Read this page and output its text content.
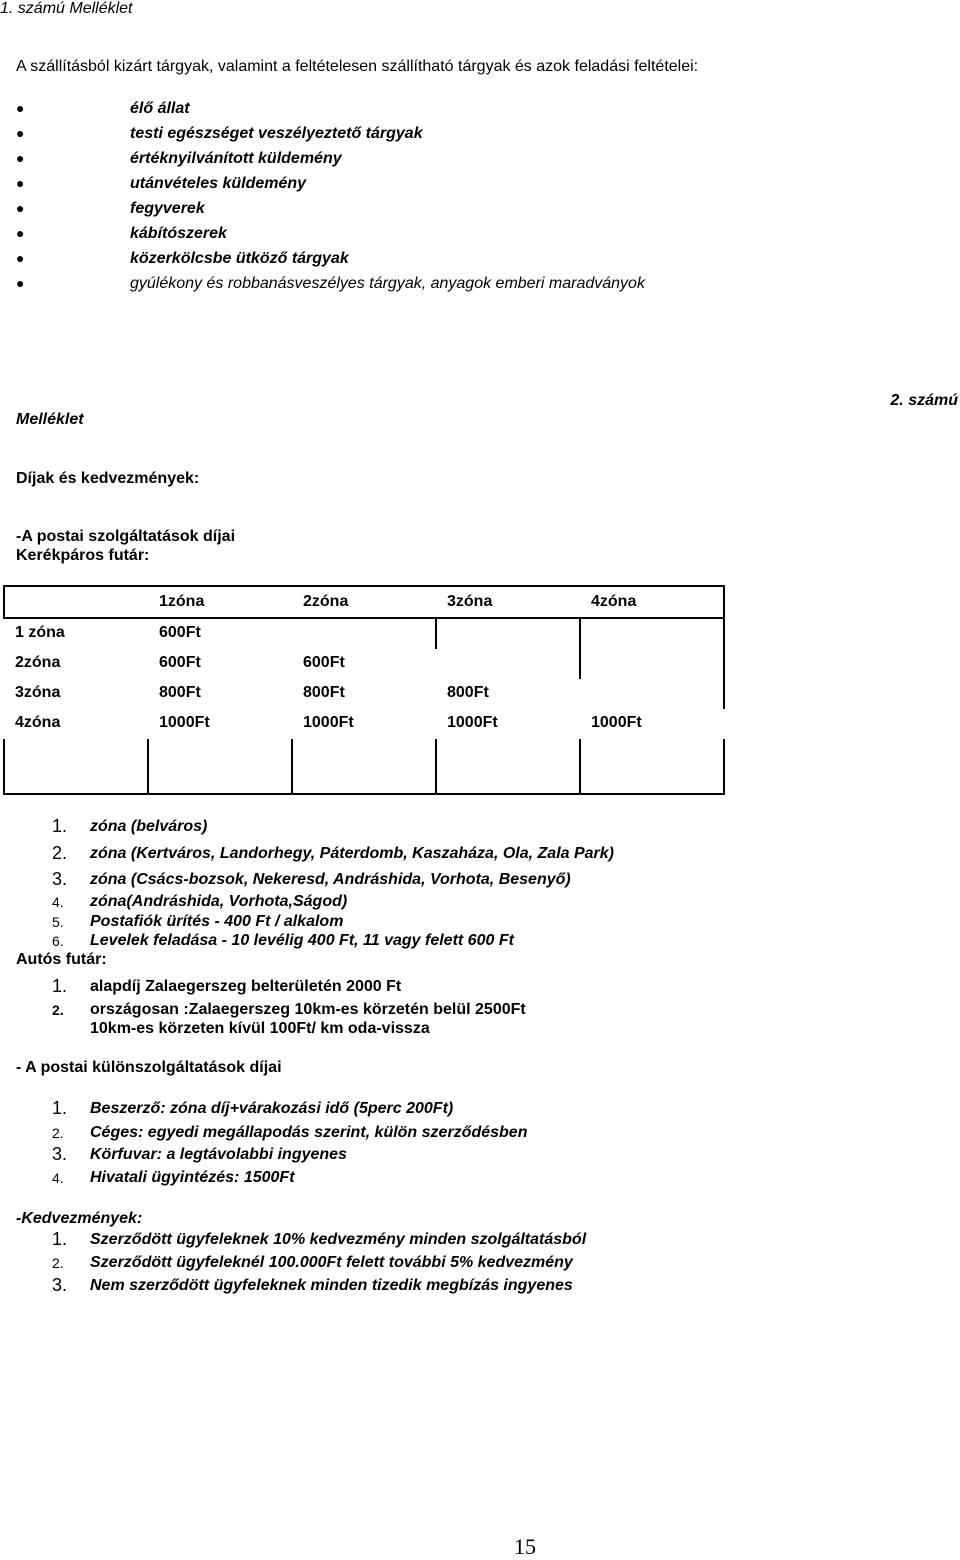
1. számú Melléklet
A szállításból kizárt tárgyak, valamint a feltételesen szállítható tárgyak és azok feladási feltételei:
●	élő állat
●	testi egészséget veszélyeztető tárgyak
●	értéknyilvánított küldemény
●	utánvételes küldemény
●	fegyverek
●	kábítószerek
●	közerkölcsbe ütköző tárgyak
●	gyúlékony és robbanásveszélyes tárgyak, anyagok emberi maradványok
Melléklet
2. számú
Díjak és kedvezmények:
-A postai szolgáltatások díjai
Kerékpáros futár:
	1zóna	2zóna	3zóna	4zóna
1 zóna	600Ft			
2zóna	600Ft	600Ft		
3zóna	800Ft	800Ft	800Ft	
4zóna	1000Ft	1000Ft	1000Ft	1000Ft

1. zóna (belváros)
2. zóna (Kertváros, Landorhegy, Páterdomb, Kaszaháza, Ola, Zala Park)
3. zóna (Csács-bozsok, Nekeresd, Andráshida, Vorhota, Besenyő)
4. zóna(Andráshida, Vorhota,Ságod)
5. Postafiók ürítés - 400 Ft / alkalom
6. Levelek feladása - 10 levélig 400 Ft, 11 vagy felett 600 Ft
Autós futár:
1. alapdíj Zalaegerszeg belterületén 2000 Ft
2. országosan :Zalaegerszeg 10km-es körzetén belül 2500Ft
10km-es körzeten kívül 100Ft/ km oda-vissza
- A postai különszolgáltatások díjai
1. Beszerző: zóna díj+várakozási idő (5perc 200Ft)
2. Céges: egyedi megállapodás szerint, külön szerződésben
3. Körfuvar: a legtávolabbi ingyenes
4. Hivatali ügyintézés: 1500Ft
-Kedvezmények:
1. Szerződött ügyfeleknek 10% kedvezmény minden szolgáltatásból
2. Szerződött ügyfeleknél 100.000Ft felett további 5% kedvezmény
3. Nem szerződött ügyfeleknek minden tizedik megbízás ingyenes
15
